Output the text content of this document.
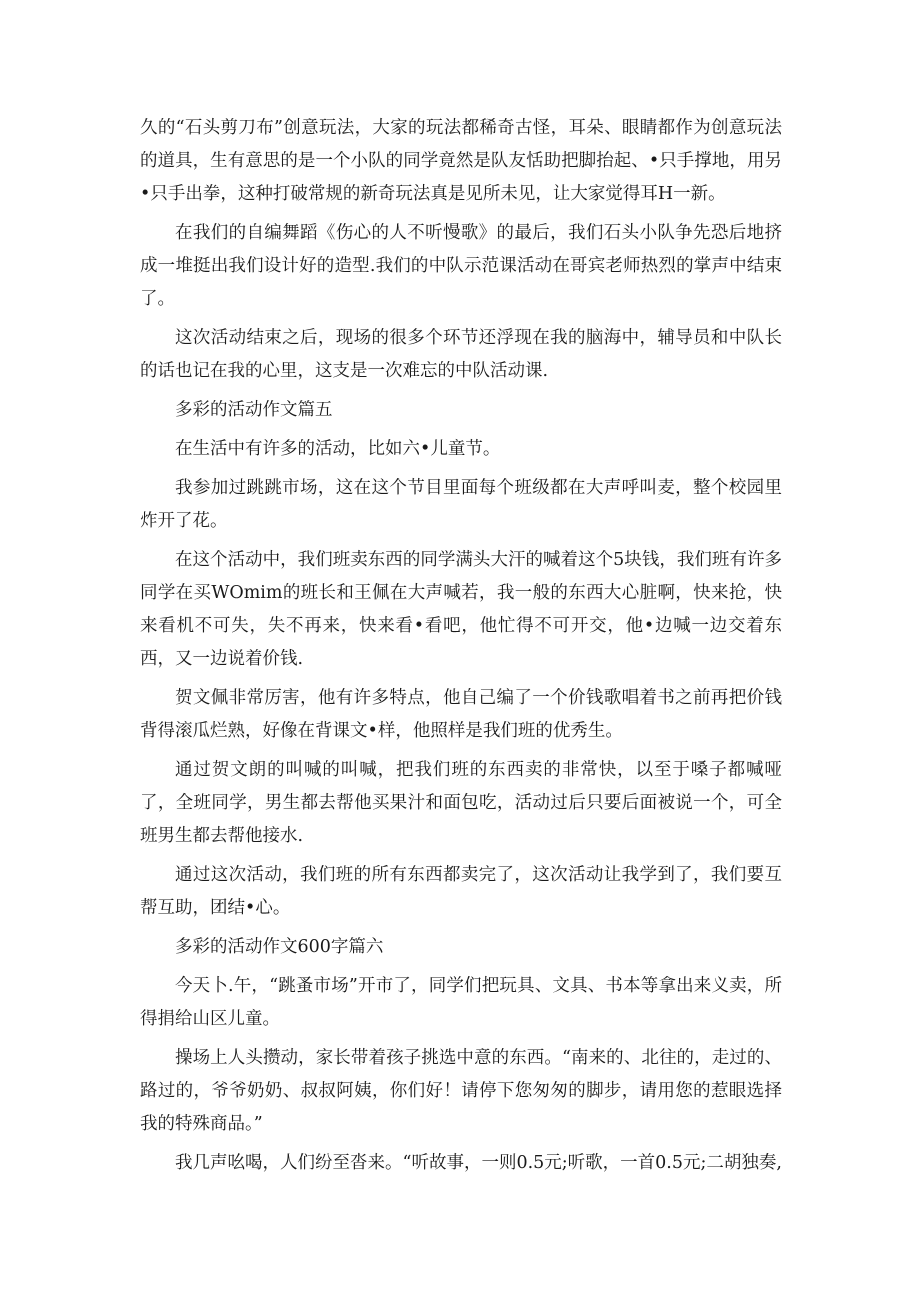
久的“石头剪刀布”创意玩法，大家的玩法都稀奇古怪，耳朵、眼睛都作为创意玩法的道具，生有意思的是一个小队的同学竟然是队友恬助把脚抬起、•只手撑地，用另•只手出拳，这种打破常规的新奇玩法真是见所未见，让大家觉得耳H一新。

在我们的自编舞蹈《伤心的人不听慢歌》的最后，我们石头小队争先恐后地挤成一堆挺出我们设计好的造型.我们的中队示范课活动在哥宾老师热烈的掌声中结束了。

这次活动结束之后，现场的很多个环节还浮现在我的脑海中，辅导员和中队长的话也记在我的心里，这支是一次难忘的中队活动课.

多彩的活动作文篇五

在生活中有许多的活动，比如六•儿童节。

我参加过跳跳市场，这在这个节目里面每个班级都在大声呼叫麦，整个校园里炸开了花。

在这个活动中，我们班卖东西的同学满头大汗的喊着这个5块钱，我们班有许多同学在买WOmim的班长和王佩在大声喊若，我一般的东西大心脏啊，快来抢，快来看机不可失，失不再来，快来看•看吧，他忙得不可开交，他•边喊一边交着东西，又一边说着价钱.

贺文佩非常厉害，他有许多特点，他自己编了一个价钱歌唱着书之前再把价钱背得滚瓜烂熟，好像在背课文•样，他照样是我们班的优秀生。

通过贺文朗的叫喊的叫喊，把我们班的东西卖的非常快，以至于嗓子都喊哑了，全班同学，男生都去帮他买果汁和面包吃，活动过后只要后面被说一个，可全班男生都去帮他接水.

通过这次活动，我们班的所有东西都卖完了，这次活动让我学到了，我们要互帮互助，团结•心。

多彩的活动作文600字篇六

今天卜.午，“跳蚤市场”开市了，同学们把玩具、文具、书本等拿出来义卖，所得捐给山区儿童。

操场上人头攒动，家长带着孩子挑选中意的东西。“南来的、北往的，走过的、路过的，爷爷奶奶、叔叔阿姨，你们好！请停下您匆匆的脚步，请用您的惹眼选择我的特殊商品。”

我几声吆喝，人们纷至沓来。“听故事，一则0.5元;听歌，一首0.5元;二胡独奏,
